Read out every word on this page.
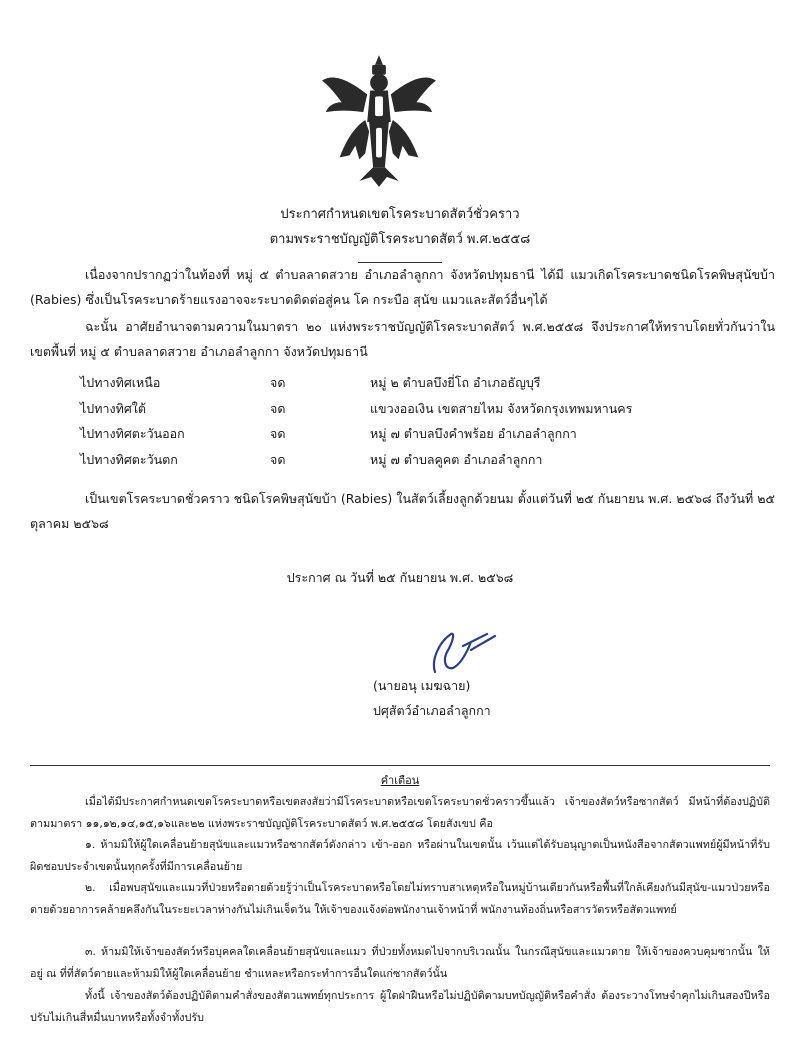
ประกาศกำหนดเขตโรคระบาดสัตว์ชั่วคราว
ตามพระราชบัญญัติโรคระบาดสัตว์ พ.ศ.๒๕๕๘
เนื่องจากปรากฏว่าในท้องที่ หมู่ ๕ ตำบลลาดสวาย อำเภอลำลูกกา จังหวัดปทุมธานี ได้มี แมวเกิดโรคระบาดชนิดโรคพิษสุนัขบ้า (Rabies) ซึ่งเป็นโรคระบาดร้ายแรงอาจจะระบาดติดต่อสู่คน โค กระบือ สุนัข แมวและสัตว์อื่นๆได้
ฉะนั้น อาศัยอำนาจตามความในมาตรา ๒๐ แห่งพระราชบัญญัติโรคระบาดสัตว์ พ.ศ.๒๕๕๘ จึงประกาศให้ทราบโดยทั่วกันว่าในเขตพื้นที่ หมู่ ๕ ตำบลลาดสวาย อำเภอลำลูกกา จังหวัดปทุมธานี
ไปทางทิศเหนือ	จด	หมู่ ๒ ตำบลบึงยี่โถ อำเภอธัญบุรี
ไปทางทิศใต้	จด	แขวงออเงิน เขตสายไหม จังหวัดกรุงเทพมหานคร
ไปทางทิศตะวันออก	จด	หมู่ ๗ ตำบลบึงคำพร้อย อำเภอลำลูกกา
ไปทางทิศตะวันตก	จด	หมู่ ๗ ตำบลคูคต อำเภอลำลูกกา
เป็นเขตโรคระบาดชั่วคราว ชนิดโรคพิษสุนัขบ้า (Rabies) ในสัตว์เลี้ยงลูกด้วยนม ตั้งแต่วันที่ ๒๕ กันยายน พ.ศ. ๒๕๖๘ ถึงวันที่ ๒๕ ตุลาคม ๒๕๖๘
ประกาศ ณ วันที่ ๒๕ กันยายน พ.ศ. ๒๕๖๘
(นายอนุ เมฆฉาย)
ปศุสัตว์อำเภอลำลูกกา
คำเตือน
เมื่อได้มีประกาศกำหนดเขตโรคระบาดหรือเขตสงสัยว่ามีโรคระบาดหรือเขตโรคระบาดชั่วคราวขึ้นแล้ว เจ้าของสัตว์หรือซากสัตว์ มีหน้าที่ต้องปฏิบัติตามมาตรา ๑๑,๑๒,๑๔,๑๕,๑๖และ๒๒ แห่งพระราชบัญญัติโรคระบาดสัตว์ พ.ศ.๒๕๕๘ โดยสังเขป คือ
๑. ห้ามมิให้ผู้ใดเคลื่อนย้ายสุนัขและแมวหรือซากสัตว์ดังกล่าว เข้า-ออก หรือผ่านในเขตนั้น เว้นแต่ได้รับอนุญาตเป็นหนังสือจากสัตวแพทย์ผู้มีหน้าที่รับผิดชอบประจำเขตนั้นทุกครั้งที่มีการเคลื่อนย้าย
๒. เมื่อพบสุนัขและแมวที่ป่วยหรือตายด้วยรู้ว่าเป็นโรคระบาดหรือโดยไม่ทราบสาเหตุหรือในหมู่บ้านเดียวกันหรือพื้นที่ใกล้เคียงกันมีสุนัข-แมวป่วยหรือตายด้วยอาการคล้ายคลึงกันในระยะเวลาห่างกันไม่เกินเจ็ดวัน ให้เจ้าของแจ้งต่อพนักงานเจ้าหน้าที่ พนักงานท้องถิ่นหรือสารวัตรหรือสัตวแพทย์
๓. ห้ามมิให้เจ้าของสัตว์หรือบุคคลใดเคลื่อนย้ายสุนัขและแมว ที่ป่วยทั้งหมดไปจากบริเวณนั้น ในกรณีสุนัขและแมวตาย ให้เจ้าของควบคุมซากนั้น ให้อยู่ ณ ที่ที่สัตว์ตายและห้ามมิให้ผู้ใดเคลื่อนย้าย ชำแหละหรือกระทำการอื่นใดแก่ซากสัตว์นั้น
ทั้งนี้ เจ้าของสัตว์ต้องปฏิบัติตามคำสั่งของสัตวแพทย์ทุกประการ ผู้ใดฝ่าฝืนหรือไม่ปฏิบัติตามบทบัญญัติหรือคำสั่ง ต้องระวางโทษจำคุกไม่เกินสองปีหรือปรับไม่เกินสี่หมื่นบาทหรือทั้งจำทั้งปรับ
